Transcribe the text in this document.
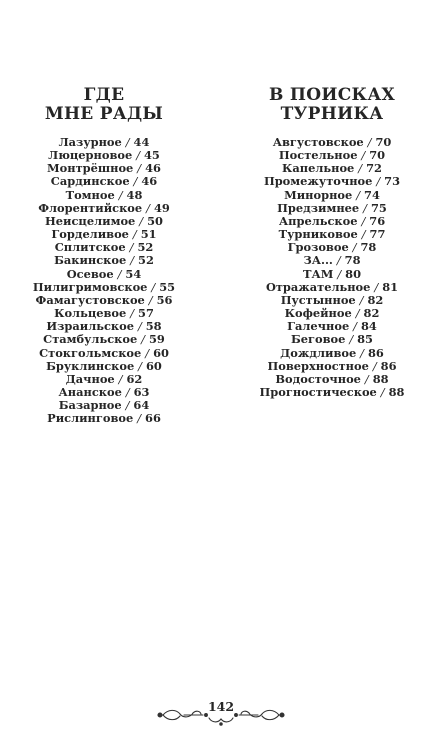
ГДЕ
МНЕ РАДЫ
Лазурное / 44
Люцерновое / 45
Монтрёшное / 46
Сардинское / 46
Томное / 48
Флорентийское / 49
Неисцелимое / 50
Горделивое / 51
Сплитское / 52
Бакинское / 52
Осевое / 54
Пилигримовское / 55
Фамагустовское / 56
Кольцевое / 57
Израильское / 58
Стамбульское / 59
Стокгольмское / 60
Бруклинское / 60
Дачное / 62
Ананское / 63
Базарное / 64
Рислинговое / 66
В ПОИСКАХ
ТУРНИКА
Августовское / 70
Постельное / 70
Капельное / 72
Промежуточное / 73
Минорное / 74
Предзимнее / 75
Апрельское / 76
Турниковое / 77
Грозовое / 78
ЗА... / 78
ТАМ / 80
Отражательное / 81
Пустынное / 82
Кофейное / 82
Галечное / 84
Беговое / 85
Дождливое / 86
Поверхностное / 86
Водосточное / 88
Прогностическое / 88
142
